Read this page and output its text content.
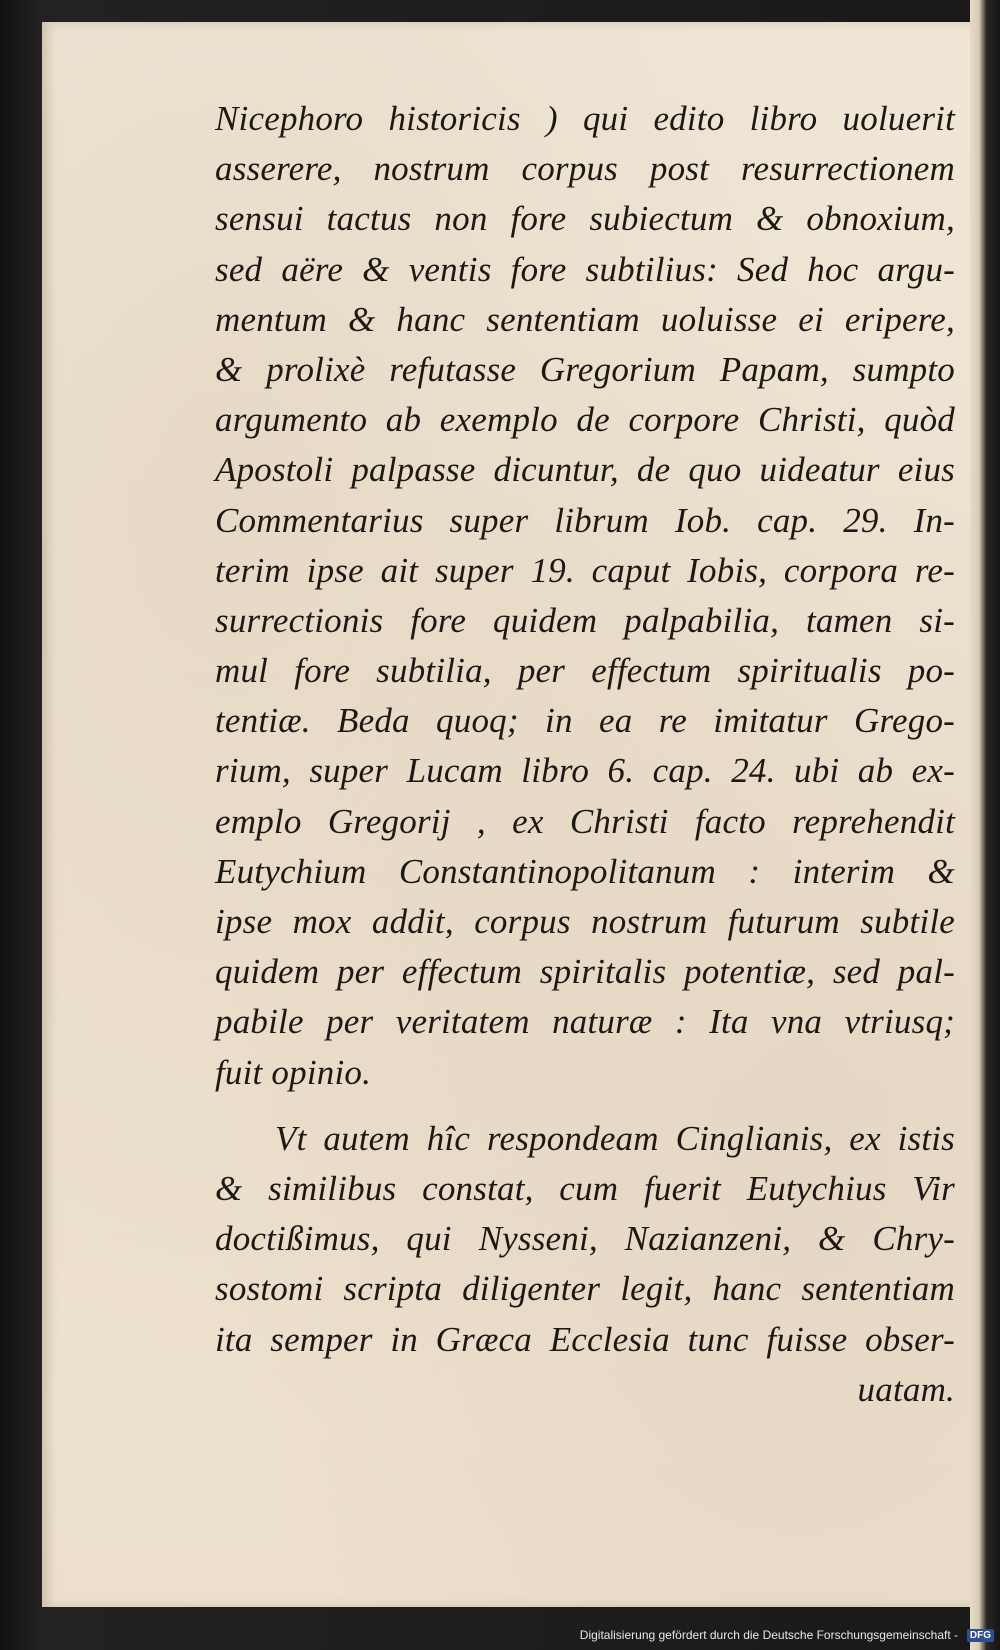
Nicephoro historicis ) qui edito libro uoluerit
asserere, nostrum corpus post resurrectionem
sensui tactus non fore subiectum & obnoxium,
sed aëre & ventis fore subtilius: Sed hoc argu-
mentum & hanc sententiam uoluisse ei eripere,
& prolixè refutasse Gregorium Papam, sumpto
argumento ab exemplo de corpore Christi, quòd
Apostoli palpasse dicuntur, de quo uideatur eius
Commentarius super librum Iob. cap. 29. In-
terim ipse ait super 19. caput Iobis, corpora re-
surrectionis fore quidem palpabilia, tamen si-
mul fore subtilia, per effectum spiritualis po-
tentiæ. Beda quoq; in ea re imitatur Grego-
rium, super Lucam libro 6. cap. 24. ubi ab ex-
emplo Gregorij , ex Christi facto reprehendit
Eutychium Constantinopolitanum : interim &
ipse mox addit, corpus nostrum futurum subtile
quidem per effectum spiritalis potentiæ, sed pal-
pabile per veritatem naturæ : Ita vna vtriusq;
fuit opinio.
Vt autem hîc respondeam Cinglianis, ex istis
& similibus constat, cum fuerit Eutychius Vir
doctißimus, qui Nysseni, Nazianzeni, & Chry-
sostomi scripta diligenter legit, hanc sententiam
ita semper in Græca Ecclesia tunc fuisse obser-
uatam.
Digitalisierung gefördert durch die Deutsche Forschungsgemeinschaft -	DFG
